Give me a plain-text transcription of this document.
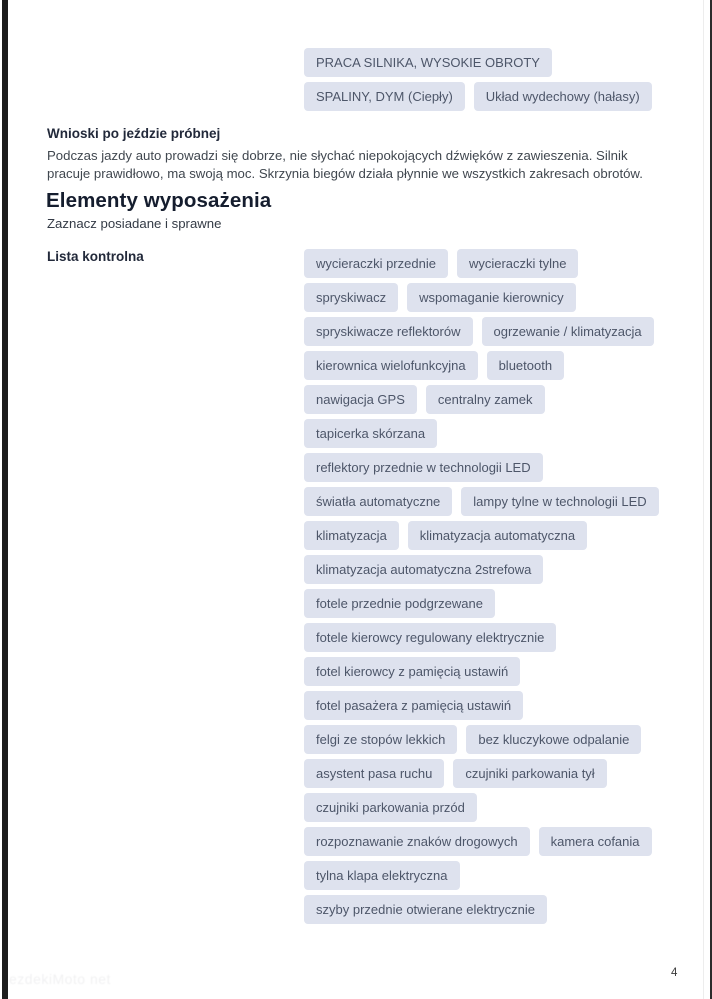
PRACA SILNIKA, WYSOKIE OBROTY
SPALINY, DYM (Ciepły)	Układ wydechowy (hałasy)
Wnioski po jeździe próbnej
Podczas jazdy auto prowadzi się dobrze, nie słychać niepokojących dźwięków z zawieszenia. Silnik pracuje prawidłowo, ma swoją moc. Skrzynia biegów działa płynnie we wszystkich zakresach obrotów.
Elementy wyposażenia
Zaznacz posiadane i sprawne
Lista kontrolna	wycieraczki przednie	wycieraczki tylne
spryskiwacz	wspomaganie kierownicy
spryskiwacze reflektorów	ogrzewanie / klimatyzacja
kierownica wielofunkcyjna	bluetooth
nawigacja GPS	centralny zamek
tapicerka skórzana
reflektory przednie w technologii LED
światła automatyczne	lampy tylne w technologii LED
klimatyzacja	klimatyzacja automatyczna
klimatyzacja automatyczna 2strefowa
fotele przednie podgrzewane
fotele kierowcy regulowany elektrycznie
fotel kierowcy z pamięcią ustawiń
fotel pasażera z pamięcią ustawiń
felgi ze stopów lekkich	bez kluczykowe odpalanie
asystent pasa ruchu	czujniki parkowania tył
czujniki parkowania przód
rozpoznawanie znaków drogowych	kamera cofania
tylna klapa elektryczna
szyby przednie otwierane elektrycznie
ezdekiMoto net	4
